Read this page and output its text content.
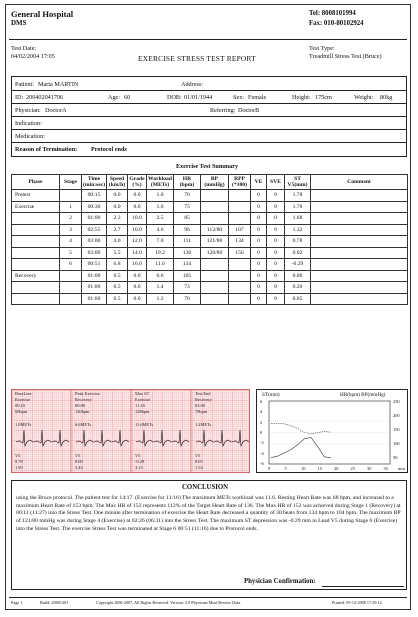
General Hospital
DMS
Tel: 8008101994
Fax: 010-80102924
Test Date:
04/02/2004 17:05	EXERCISE STRESS TEST REPORT
Test Type:
Treadmill Stress Test (Bruce)
Patient: Maria MARTIN	Address:
ID: 200402041706	Age: 60	DOB: 01/01/1944	Sex: Female	Height: 175cm	Weight: 80kg
Physician: DoctorA	Referring: DoctorB
Indication:
Medication:
Reason of Termination: Protocol ends
Exercise Test Summary
Phase	Stage	Time (min:sec)	Speed (km/h)	Grade (%)	Workload (METs)	HR (bpm)	BP (mmHg)	RPP (*100)	VE	SVE	ST V5(mm)	Comment
Pretest		00:15	0.0	0.0	1.0	70			0	0	1.78	
Exercise	1	00:30	0.0	0.0	1.0	75			0	0	1.78	
	2	01:00	2.3	10.0	2.5	85			0	0	1.68	
	3	02:55	2.7	10.0	4.6	96	112/80	107	0	0	1.32	
	4	03:00	4.0	12.0	7.0	111	121/80	134	0	0	0.78	
	5	03:00	5.5	14.0	10.2	130	120/80	156	0	0	0.02	
	6	00:51	6.8	16.0	11.6	134			0	0	-0.29	
Recovery		01:00	0.5	0.0	6.6	105			0	0	0.00	
		01:00	0.5	0.0	1.4	73			0	0	0.20	
		01:00	0.5	0.0	1.2	70			0	0	0.05	
BaseLine
Exercise
00:10
60bpm
1.0METs
V5
0.78
1.90
Peak Exercise
Recovery
00:08
120bpm
6.6METs
V5
0.00
3.44
Max ST
Exercise
11:16
128bpm
11.6METs
V5
-0.29
3.13
Test End
Recovery
03:00
70bpm
1.2METs
V5
0.05
1.54
ST(mm)	HR(bpm) BP(mmHg)
6
4
2
0
-2
-4
-6
250
200
150
100
50
0	5	10	15	20	25	30	35 min
CONCLUSION
using the Bruce protocol. The patient test for 14:17. (Exercise for 11:16) The maximum METs workload was 11.6. Resting Heart Rate was 68 bpm, and increased to a maximum Heart Rate of 153 bpm. The Max HR of 153 represents 112% of the Target Heart Rate of 136. The Max HR of 153 was achieved during Stage 1 (Recovery) at 00:11 (11:27) into the Stress Test. One minute after termination of exercise the Heart Rate decreased a quantity of 30 beats from 134 bpm to 104 bpm. The maximum BP of 121/80 mmHg was during Stage 4 (Exercise) at 02:26 (06:31) into the Stress Test. The maximum ST depression was -0.29 mm in Lead V5 during Stage 6 (Exercise) into the Stress Test. The exercise Stress Test was terminated at Stage 6 00:51 (11:16) due to Protocol ends.
Physician Confirmation:
Page 1	Build: 20001201	Copyright 2000-2007, All Rights Reserved. Version: 3.0 Physician Must Review Data.	Printed: 05-12-2008 17:29:12
